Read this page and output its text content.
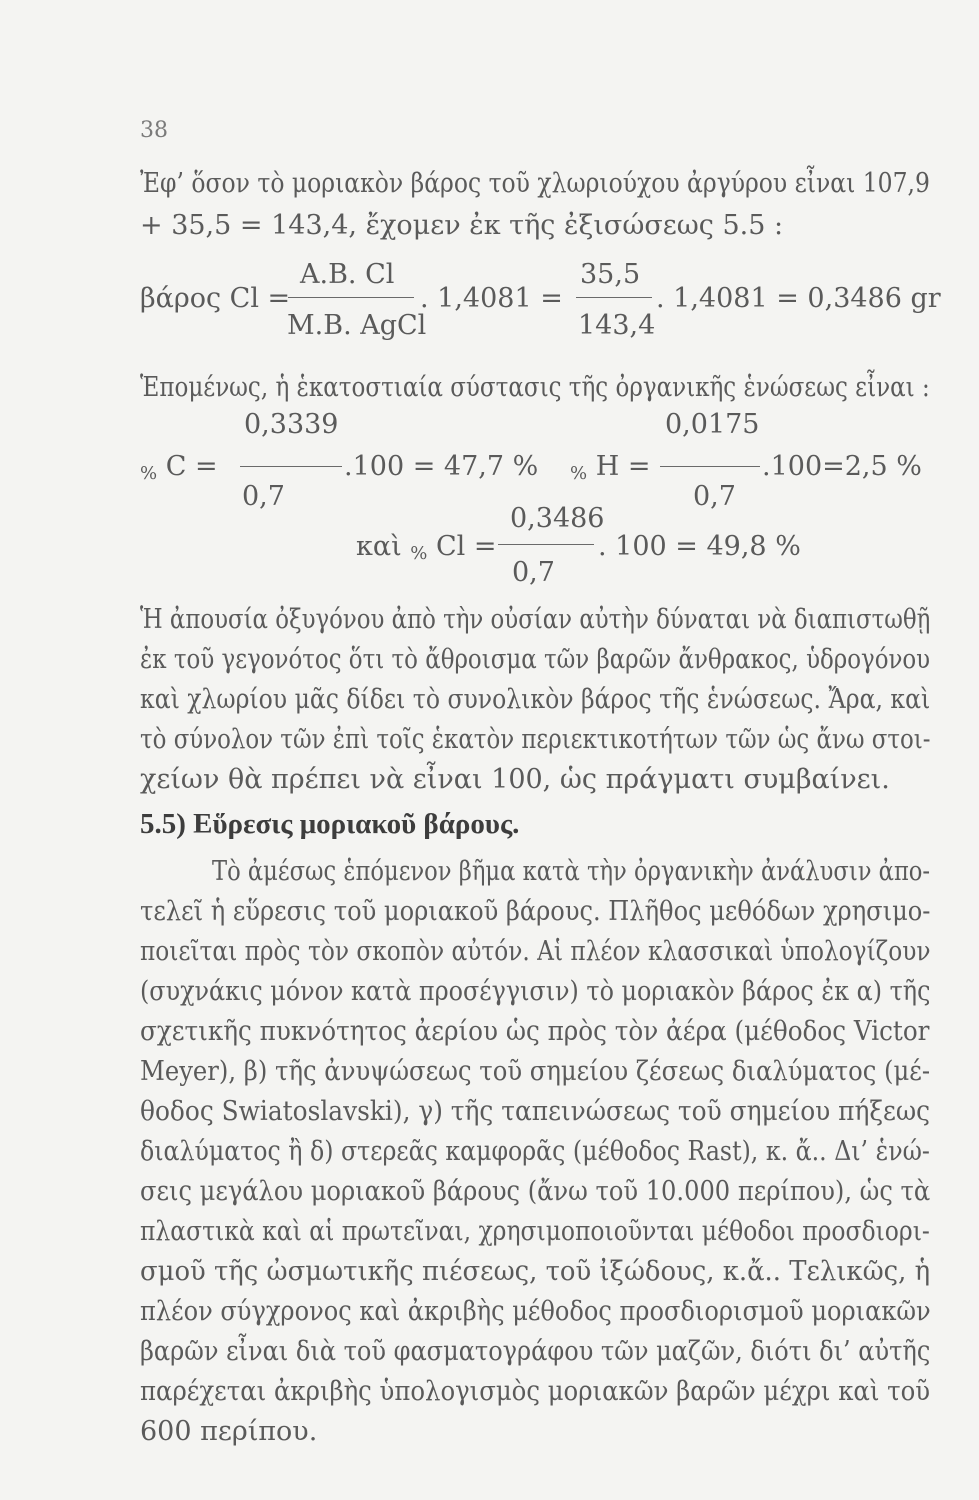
38
Ἐφ’ ὅσον τὸ μοριακὸν βάρος τοῦ χλωριούχου ἀργύρου εἶναι 107,9
+ 35,5 = 143,4, ἔχομεν ἐκ τῆς ἐξισώσεως 5.5 :
βάρος Cl =
A.B. Cl
M.B. AgCl
. 1,4081 =
35,5
143,4
. 1,4081 = 0,3486 gr
Ἑπομένως, ἡ ἑκατοστιαία σύστασις τῆς ὀργανικῆς ἑνώσεως εἶναι :
0,3339
$_{\%}$ C =
0,7
.100 = 47,7 %
0,0175
$_{\%}$ H =
0,7
.100=2,5 %
0,3486
καὶ $_{\%}$ Cl =
0,7
. 100 = 49,8 %
Ἡ ἀπουσία ὀξυγόνου ἀπὸ τὴν οὐσίαν αὐτὴν δύναται νὰ διαπιστωθῇ
ἐκ τοῦ γεγονότος ὅτι τὸ ἄθροισμα τῶν βαρῶν ἄνθρακος, ὑδρογόνου
καὶ χλωρίου μᾶς δίδει τὸ συνολικὸν βάρος τῆς ἑνώσεως. Ἄρα, καὶ
τὸ σύνολον τῶν ἐπὶ τοῖς ἑκατὸν περιεκτικοτήτων τῶν ὡς ἄνω στοι-
χείων θὰ πρέπει νὰ εἶναι 100, ὡς πράγματι συμβαίνει.
5.5) Εὕρεσις μοριακοῦ βάρους.
Τὸ ἀμέσως ἑπόμενον βῆμα κατὰ τὴν ὀργανικὴν ἀνάλυσιν ἀπο-
τελεῖ ἡ εὕρεσις τοῦ μοριακοῦ βάρους. Πλῆθος μεθόδων χρησιμο-
ποιεῖται πρὸς τὸν σκοπὸν αὐτόν. Αἱ πλέον κλασσικαὶ ὑπολογίζουν
(συχνάκις μόνον κατὰ προσέγγισιν) τὸ μοριακὸν βάρος ἐκ α) τῆς
σχετικῆς πυκνότητος ἀερίου ὡς πρὸς τὸν ἀέρα (μέθοδος Victor
Meyer), β) τῆς ἀνυψώσεως τοῦ σημείου ζέσεως διαλύματος (μέ-
θοδος Swiatoslavski), γ) τῆς ταπεινώσεως τοῦ σημείου πήξεως
διαλύματος ἢ δ) στερεᾶς καμφορᾶς (μέθοδος Rast), κ. ἄ.. Δι’ ἑνώ-
σεις μεγάλου μοριακοῦ βάρους (ἄνω τοῦ 10.000 περίπου), ὡς τὰ
πλαστικὰ καὶ αἱ πρωτεῖναι, χρησιμοποιοῦνται μέθοδοι προσδιορι-
σμοῦ τῆς ὠσμωτικῆς πιέσεως, τοῦ ἰξώδους, κ.ἄ.. Τελικῶς, ἡ
πλέον σύγχρονος καὶ ἀκριβὴς μέθοδος προσδιορισμοῦ μοριακῶν
βαρῶν εἶναι διὰ τοῦ φασματογράφου τῶν μαζῶν, διότι δι’ αὐτῆς
παρέχεται ἀκριβὴς ὑπολογισμὸς μοριακῶν βαρῶν μέχρι καὶ τοῦ
600 περίπου.
